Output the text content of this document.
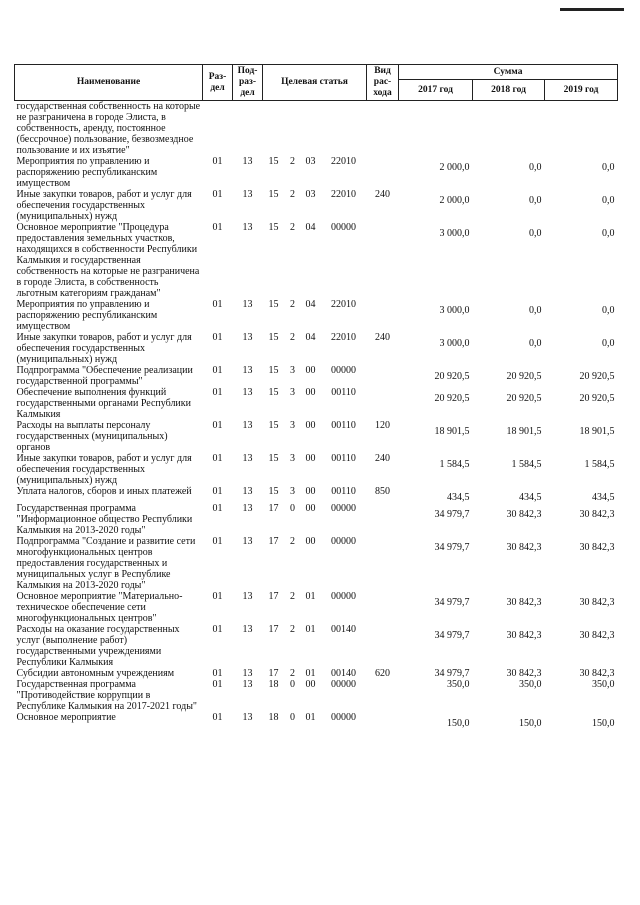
Наименование	Раз-
дел	Под-
раз-
дел	Целевая статья				Вид
рас-
хода	Сумма		
								2017 год	2018 год	2019 год
государственная собственность на которые не разграничена в городе Элиста, в собственность, аренду, постоянное (бессрочное) пользование, безвозмездное пользование и их изъятие"										
Мероприятия по управлению и распоряжению республиканским имуществом	01	13	15	2	03	22010		2 000,0	0,0	0,0
Иные закупки товаров, работ и услуг для обеспечения государственных (муниципальных) нужд	01	13	15	2	03	22010	240	2 000,0	0,0	0,0
Основное мероприятие "Процедура предоставления земельных участков, находящихся в собственности Республики Калмыкия и государственная собственность на которые не разграничена в городе Элиста, в собственность льготным категориям гражданам"	01	13	15	2	04	00000		3 000,0	0,0	0,0
Мероприятия по управлению и распоряжению республиканским имуществом	01	13	15	2	04	22010		3 000,0	0,0	0,0
Иные закупки товаров, работ и услуг для обеспечения государственных (муниципальных) нужд	01	13	15	2	04	22010	240	3 000,0	0,0	0,0
Подпрограмма "Обеспечение реализации государственной программы"	01	13	15	3	00	00000		20 920,5	20 920,5	20 920,5
Обеспечение выполнения функций государственными органами Республики Калмыкия	01	13	15	3	00	00110		20 920,5	20 920,5	20 920,5
Расходы на выплаты персоналу государственных (муниципальных) органов	01	13	15	3	00	00110	120	18 901,5	18 901,5	18 901,5
Иные закупки товаров, работ и услуг для обеспечения государственных (муниципальных) нужд	01	13	15	3	00	00110	240	1 584,5	1 584,5	1 584,5
Уплата налогов, сборов и иных платежей	01	13	15	3	00	00110	850	434,5	434,5	434,5
Государственная программа "Информационное общество Республики Калмыкия на 2013-2020 годы"	01	13	17	0	00	00000		34 979,7	30 842,3	30 842,3
Подпрограмма "Создание и развитие сети многофункциональных центров предоставления государственных и муниципальных услуг в Республике Калмыкия на 2013-2020 годы"	01	13	17	2	00	00000		34 979,7	30 842,3	30 842,3
Основное мероприятие "Материально-техническое обеспечение сети многофункциональных центров"	01	13	17	2	01	00000		34 979,7	30 842,3	30 842,3
Расходы на оказание государственных услуг (выполнение работ) государственными учреждениями Республики Калмыкия	01	13	17	2	01	00140		34 979,7	30 842,3	30 842,3
Субсидии автономным учреждениям	01	13	17	2	01	00140	620	34 979,7	30 842,3	30 842,3
Государственная программа "Противодействие коррупции в Республике Калмыкия на 2017-2021 годы"	01	13	18	0	00	00000		350,0	350,0	350,0
Основное мероприятие	01	13	18	0	01	00000		150,0	150,0	150,0
